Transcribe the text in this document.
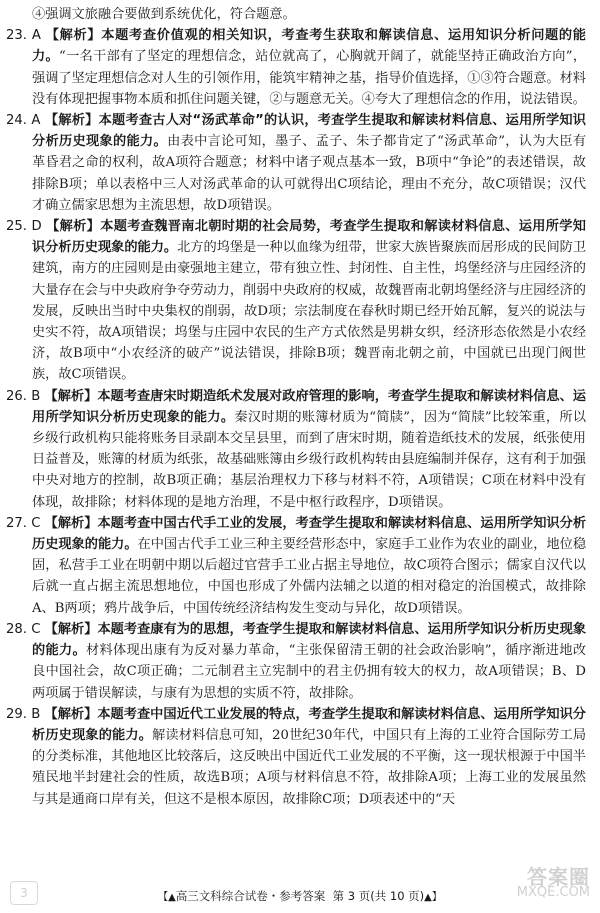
④强调文旅融合要做到系统优化，符合题意。

23. A 【解析】本题考查价值观的相关知识，考查考生获取和解读信息、运用知识分析问题的能力。“一名干部有了坚定的理想信念，站位就高了，心胸就开阔了，就能坚持正确政治方向”，强调了坚定理想信念对人生的引领作用，能筑牢精神之基，指导价值选择，①③符合题意。材料没有体现把握事物本质和抓住问题关键，②与题意无关。④夸大了理想信念的作用，说法错误。

24. A 【解析】本题考查古人对“汤武革命”的认识，考查学生提取和解读材料信息、运用所学知识分析历史现象的能力。由表中言论可知，墨子、孟子、朱子都肯定了“汤武革命”，认为大臣有革昏君之命的权利，故A项符合题意；材料中诸子观点基本一致，B项中“争论”的表述错误，故排除B项；单以表格中三人对汤武革命的认可就得出C项结论，理由不充分，故C项错误；汉代才确立儒家思想为主流思想，故D项错误。

25. D 【解析】本题考查魏晋南北朝时期的社会局势，考查学生提取和解读材料信息、运用所学知识分析历史现象的能力。北方的坞堡是一种以血缘为纽带，世家大族皆聚族而居形成的民间防卫建筑，南方的庄园则是由豪强地主建立，带有独立性、封闭性、自主性，坞堡经济与庄园经济的大量存在会与中央政府争夺劳动力，削弱中央政府的权威，故魏晋南北朝坞堡经济与庄园经济的发展，反映出当时中央集权的削弱，故D项；宗法制度在春秋时期已经开始瓦解，复兴的说法与史实不符，故A项错误；坞堡与庄园中农民的生产方式依然是男耕女织，经济形态依然是小农经济，故B项中“小农经济的破产”说法错误，排除B项；魏晋南北朝之前，中国就已出现门阀世族，故C项错误。

26. B 【解析】本题考查唐宋时期造纸术发展对政府管理的影响，考查学生提取和解读材料信息、运用所学知识分析历史现象的能力。秦汉时期的账簿材质为“简牍”，因为“简牍”比较笨重，所以乡级行政机构只能将账务目录副本交呈县里，而到了唐宋时期，随着造纸技术的发展，纸张使用日益普及，账簿的材质为纸张，故基础账簿由乡级行政机构转由县庭编制并保存，这有利于加强中央对地方的控制，故B项正确；基层治理权力下移与材料不符，A项错误；C项在材料中没有体现，故排除；材料体现的是地方治理，不是中枢行政程序，D项错误。

27. C 【解析】本题考查中国古代手工业的发展，考查学生提取和解读材料信息、运用所学知识分析历史现象的能力。在中国古代手工业三种主要经营形态中，家庭手工业作为农业的副业，地位稳固，私营手工业在明朝中期以后超过官营手工业占据主导地位，故C项符合图示；儒家自汉代以后就一直占据主流思想地位，中国也形成了外儒内法辅之以道的相对稳定的治国模式，故排除A、B两项；鸦片战争后，中国传统经济结构发生变动与异化，故D项错误。

28. C 【解析】本题考查康有为的思想，考查学生提取和解读材料信息、运用所学知识分析历史现象的能力。材料体现出康有为反对暴力革命，“主张保留清王朝的社会政治影响”，循序渐进地改良中国社会，故C项正确；二元制君主立宪制中的君主仍拥有较大的权力，故A项错误；B、D两项属于错误解读，与康有为思想的实质不符，故排除。

29. B 【解析】本题考查中国近代工业发展的特点，考查学生提取和解读材料信息、运用所学知识分析历史现象的能力。解读材料信息可知，20世纪30年代，中国只有上海的工业符合国际劳工局的分类标准，其他地区比较落后，这反映出中国近代工业发展的不平衡，这一现状根源于中国半殖民地半封建社会的性质，故选B项；A项与材料信息不符，故排除A项；上海工业的发展虽然与其是通商口岸有关，但这不是根本原因，故排除C项；D项表述中的“天

3	【▲高三文科综合试卷・参考答案 第 3 页(共 10 页)▲】
答案圈
MXQE.COM
